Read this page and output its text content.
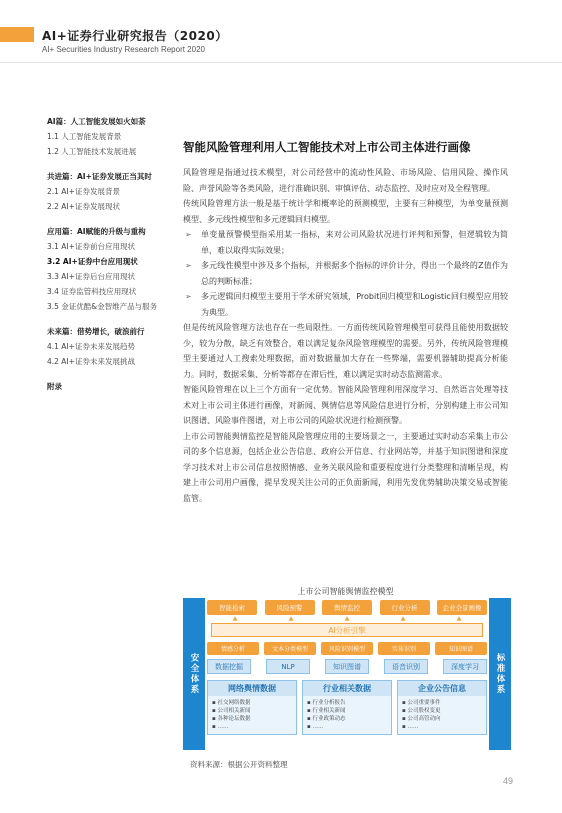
AI+证券行业研究报告（2020）
AI+ Securities Industry Research Report 2020
AI篇：人工智能发展如火如荼
1.1 人工智能发展背景
1.2 人工智能技术发展进展
共进篇：AI+证券发展正当其时
2.1 AI+证券发展背景
2.2 AI+证券发展现状
应用篇：AI赋能的升级与重构
3.1 AI+证券前台应用现状
3.2 AI+证券中台应用现状
3.3 AI+证券后台应用现状
3.4 证券监管科技应用现状
3.5 金证优酷&金智维产品与服务
未来篇：借势增长，破浪前行
4.1 AI+证券未来发展趋势
4.2 AI+证券未来发展挑战
附录
智能风险管理利用人工智能技术对上市公司主体进行画像

风险管理是指通过技术模型，对公司经营中的流动性风险、市场风险、信用风险、操作风险、声誉风险等各类风险，进行准确识别、审慎评估、动态监控、及时应对及全程管理。

传统风险管理方法一般是基于统计学和概率论的预测模型，主要有三种模型，为单变量预测模型、多元线性模型和多元逻辑回归模型。

➢ 单变量预警模型指采用某一指标，来对公司风险状况进行评判和预警，但逻辑较为简单，难以取得实际效果；
➢ 多元线性模型中涉及多个指标，并根据多个指标的评价计分，得出一个最终的Z值作为总的判断标准；
➢ 多元逻辑回归模型主要用于学术研究领域，Probit回归模型和Logistic回归模型应用较为典型。

但是传统风险管理方法也存在一些局限性。一方面传统风险管理模型可获得且能使用数据较少，较为分散，缺乏有效整合，难以满足复杂风险管理模型的需要。另外，传统风险管理模型主要通过人工搜索处理数据，面对数据量加大存在一些弊端，需要机器辅助提高分析能力。同时，数据采集、分析等都存在滞后性，难以满足实时动态监测需求。

智能风险管理在以上三个方面有一定优势。智能风险管理利用深度学习、自然语言处理等技术对上市公司主体进行画像，对新闻、舆情信息等风险信息进行分析，分别构建上市公司知识图谱、风险事件图谱，对上市公司的风险状况进行检测预警。

上市公司智能舆情监控是智能风险管理应用的主要场景之一，主要通过实时动态采集上市公司的多个信息源，包括企业公告信息、政府公开信息、行业网站等，并基于知识图谱和深度学习技术对上市公司信息按照情感、业务关联风险和重要程度进行分类整理和清晰呈现，构建上市公司用户画像，提早发现关注公司的正负面新闻，利用先发优势辅助决策交易或智能监管。

上市公司智能舆情监控模型
安全体系
智能检索	风险预警	舆情监控	行业分析	企业全景画像
▲	▲	▲	▲	▲
AI分析引擎
情感分析	文本分类模型	风险识别模型	实体识别	知识图谱
数据挖掘	NLP	知识图谱	语音识别	深度学习
网络舆情数据
▪ 社交网络数据
▪ 公司相关新闻
▪ 各种论坛数据
▪ ……
行业相关数据
▪ 行业分析报告
▪ 行业相关新闻
▪ 行业政策动态
▪ ……
企业公告信息
▪ 公司重要事件
▪ 公司股权变更
▪ 公司高管动向
▪ ……
标准体系
资料来源：根据公开资料整理
49
